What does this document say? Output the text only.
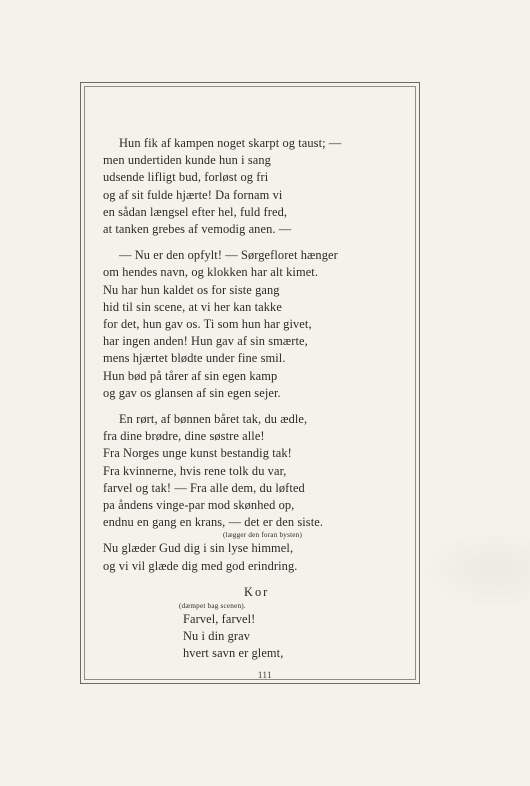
Hun fik af kampen noget skarpt og taust; —
men undertiden kunde hun i sang
udsende lifligt bud, forløst og fri
og af sit fulde hjærte! Da fornam vi
en sådan længsel efter hel, fuld fred,
at tanken grebes af vemodig anen. —
— Nu er den opfylt! — Sørgefloret hænger
om hendes navn, og klokken har alt kimet.
Nu har hun kaldet os for siste gang
hid til sin scene, at vi her kan takke
for det, hun gav os. Ti som hun har givet,
har ingen anden! Hun gav af sin smærte,
mens hjærtet blødte under fine smil.
Hun bød på tårer af sin egen kamp
og gav os glansen af sin egen sejer.
En rørt, af bønnen båret tak, du ædle,
fra dine brødre, dine søstre alle!
Fra Norges unge kunst bestandig tak!
Fra kvinnerne, hvis rene tolk du var,
farvel og tak! — Fra alle dem, du løfted
pa åndens vinge-par mod skønhed op,
endnu en gang en krans, — det er den siste.
(lægger den foran bysten)
Nu glæder Gud dig i sin lyse himmel,
og vi vil glæde dig med god erindring.
Kor
(dæmpet bag scenen).
Farvel, farvel!
Nu i din grav
hvert savn er glemt,
111
